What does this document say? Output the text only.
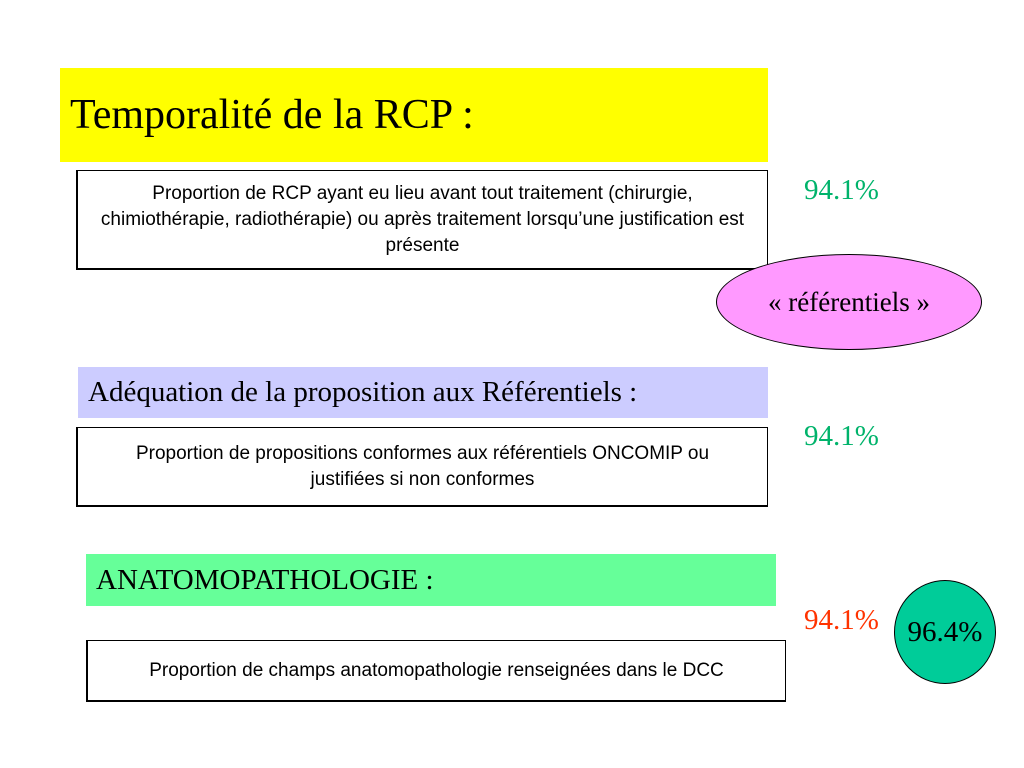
Temporalité de la RCP :
Proportion de RCP ayant eu lieu avant tout traitement (chirurgie, chimiothérapie, radiothérapie) ou après traitement lorsqu’une justification est présente
94.1%
« référentiels »
Adéquation de la proposition aux Référentiels :
Proportion de propositions conformes aux référentiels ONCOMIP ou justifiées si non conformes
94.1%
ANATOMOPATHOLOGIE :
94.1% 96.4%
Proportion de champs anatomopathologie renseignées dans le DCC
